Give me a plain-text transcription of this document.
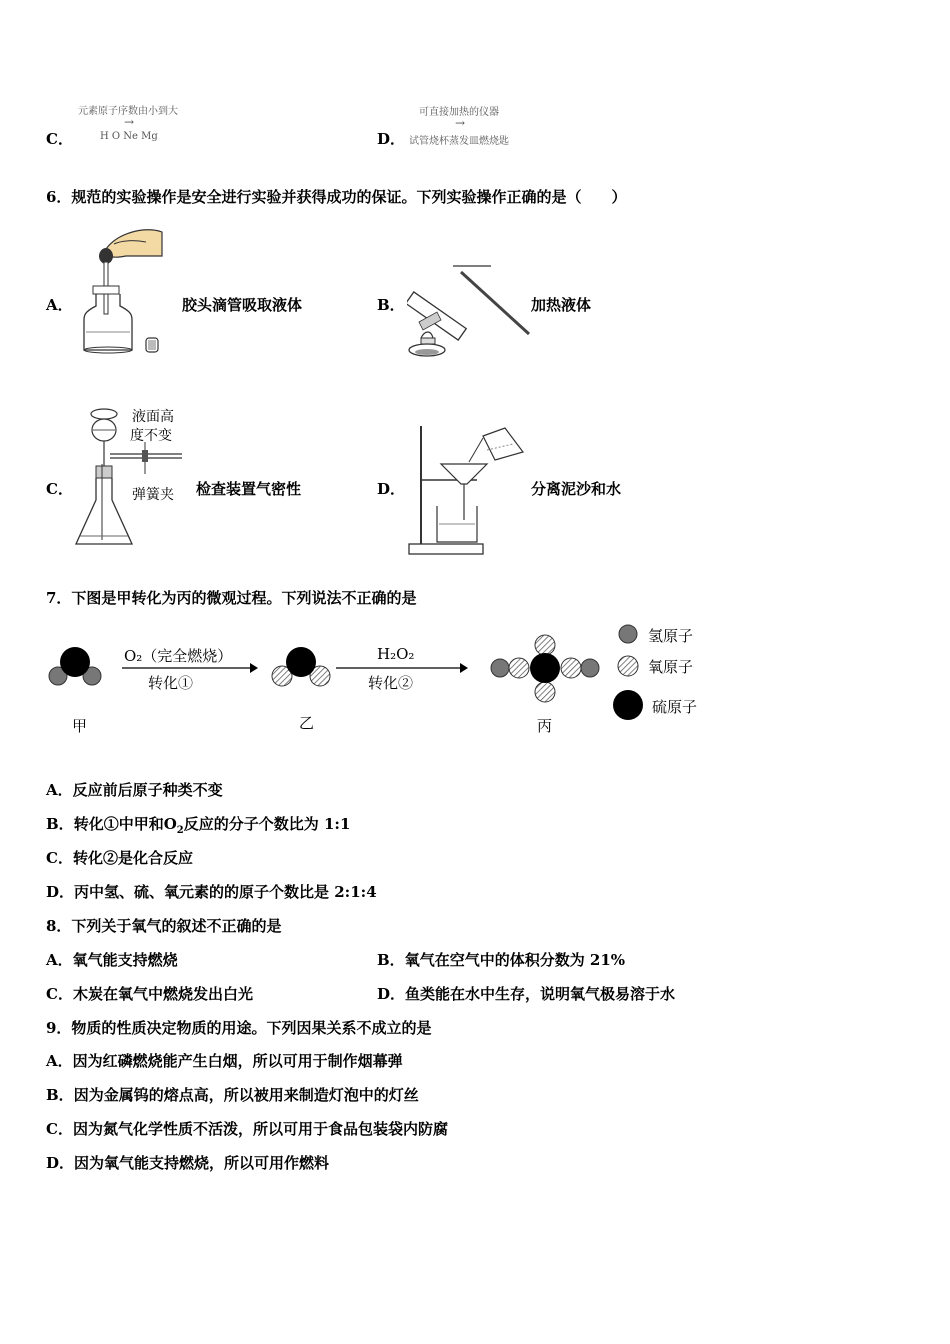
C．
元素原子序数由小到大
→
H O Ne Mg	D．
可直接加热的仪器
→
试管烧杯蒸发皿燃烧匙
6．规范的实验操作是安全进行实验并获得成功的保证。下列实验操作正确的是（　　）
A．	胶头滴管吸取液体	B．	加热液体
C．
液面高
度不变
弹簧夹 检查装置气密性	D．	分离泥沙和水
7．下图是甲转化为丙的微观过程。下列说法不正确的是
O₂（完全燃烧）
转化①
H₂O₂
转化②
甲	乙	丙
氢原子
氧原子
硫原子
A．反应前后原子种类不变
B．转化①中甲和$O_2$反应的分子个数比为 1:1
C．转化②是化合反应
D．丙中氢、硫、氧元素的的原子个数比是 2:1:4
8．下列关于氧气的叙述不正确的是
A．氧气能支持燃烧	B．氧气在空气中的体积分数为 21%
C．木炭在氧气中燃烧发出白光	D．鱼类能在水中生存，说明氧气极易溶于水
9．物质的性质决定物质的用途。下列因果关系不成立的是
A．因为红磷燃烧能产生白烟，所以可用于制作烟幕弹
B．因为金属钨的熔点高，所以被用来制造灯泡中的灯丝
C．因为氮气化学性质不活泼，所以可用于食品包装袋内防腐
D．因为氧气能支持燃烧，所以可用作燃料
